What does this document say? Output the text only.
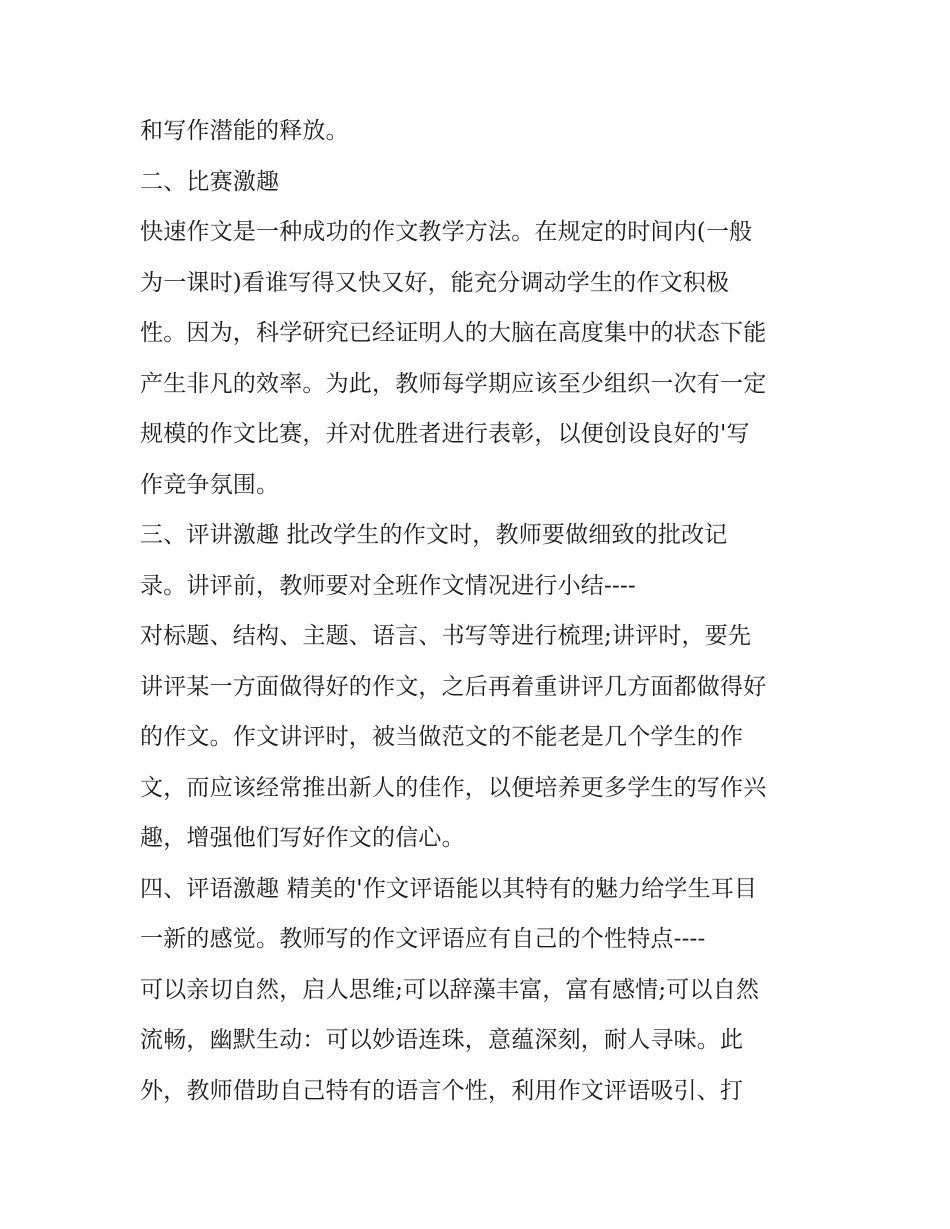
和写作潜能的释放。
二、比赛激趣
快速作文是一种成功的作文教学方法。在规定的时间内(一般
为一课时)看谁写得又快又好，能充分调动学生的作文积极
性。因为，科学研究已经证明人的大脑在高度集中的状态下能
产生非凡的效率。为此，教师每学期应该至少组织一次有一定
规模的作文比赛，并对优胜者进行表彰，以便创设良好的'写
作竞争氛围。
三、评讲激趣 批改学生的作文时，教师要做细致的批改记
录。讲评前，教师要对全班作文情况进行小结----
对标题、结构、主题、语言、书写等进行梳理;讲评时，要先
讲评某一方面做得好的作文，之后再着重讲评几方面都做得好
的作文。作文讲评时，被当做范文的不能老是几个学生的作
文，而应该经常推出新人的佳作，以便培养更多学生的写作兴
趣，增强他们写好作文的信心。
四、评语激趣 精美的'作文评语能以其特有的魅力给学生耳目
一新的感觉。教师写的作文评语应有自己的个性特点----
可以亲切自然，启人思维;可以辞藻丰富，富有感情;可以自然
流畅，幽默生动：可以妙语连珠，意蕴深刻，耐人寻味。此
外，教师借助自己特有的语言个性，利用作文评语吸引、打
